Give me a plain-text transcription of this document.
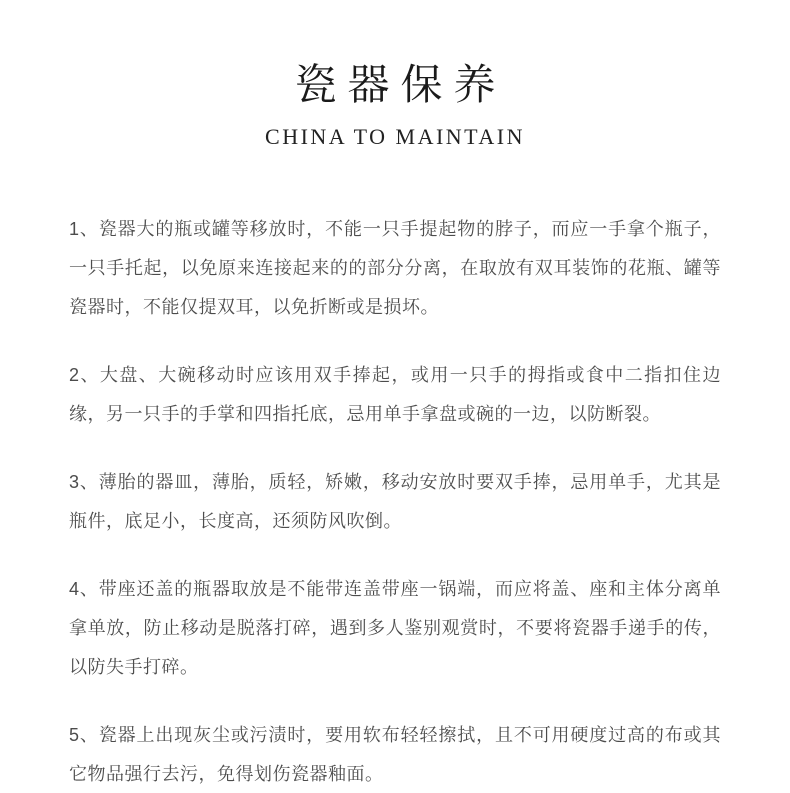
瓷器保养
CHINA TO MAINTAIN

1、瓷器大的瓶或罐等移放时，不能一只手提起物的脖子，而应一手拿个瓶子，一只手托起，以免原来连接起来的的部分分离，在取放有双耳装饰的花瓶、罐等瓷器时，不能仅提双耳，以免折断或是损坏。

2、大盘、大碗移动时应该用双手捧起，或用一只手的拇指或食中二指扣住边缘，另一只手的手掌和四指托底，忌用单手拿盘或碗的一边，以防断裂。

3、薄胎的器皿，薄胎，质轻，矫嫩，移动安放时要双手捧，忌用单手，尤其是瓶件，底足小，长度高，还须防风吹倒。

4、带座还盖的瓶器取放是不能带连盖带座一锅端，而应将盖、座和主体分离单拿单放，防止移动是脱落打碎，遇到多人鉴别观赏时，不要将瓷器手递手的传，以防失手打碎。

5、瓷器上出现灰尘或污渍时，要用软布轻轻擦拭，且不可用硬度过高的布或其它物品强行去污，免得划伤瓷器釉面。
